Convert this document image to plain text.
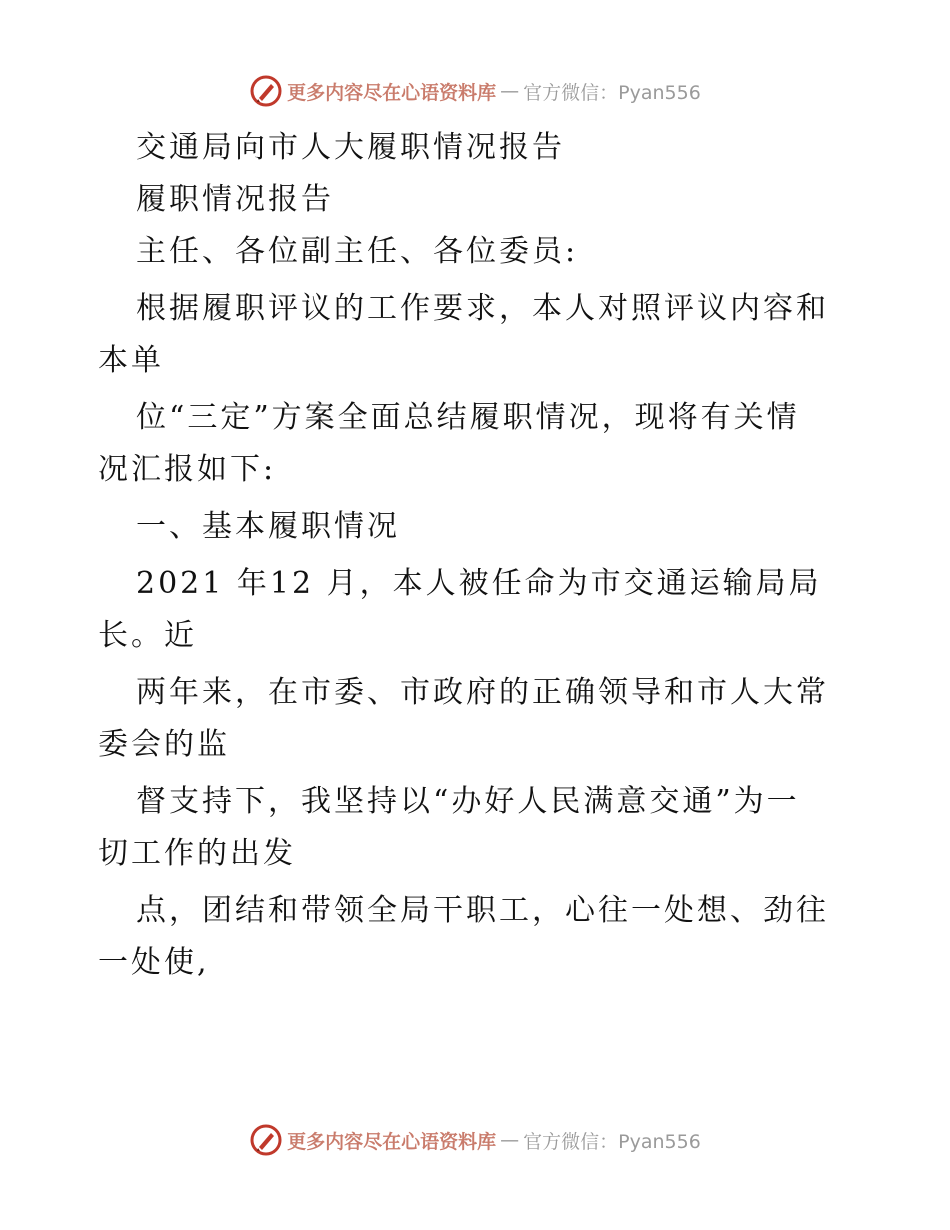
更多内容尽在心语资料库 — 官方微信：Pyan556
交通局向市人大履职情况报告
履职情况报告
主任、各位副主任、各位委员:
根据履职评议的工作要求，本人对照评议内容和
本单
位“三定”方案全面总结履职情况，现将有关情
况汇报如下:
一、基本履职情况
2021 年12 月，本人被任命为市交通运输局局
长。近
两年来，在市委、市政府的正确领导和市人大常
委会的监
督支持下，我坚持以“办好人民满意交通”为一
切工作的出发
点，团结和带领全局干职工，心往一处想、劲往
一处使,
更多内容尽在心语资料库 — 官方微信：Pyan556
